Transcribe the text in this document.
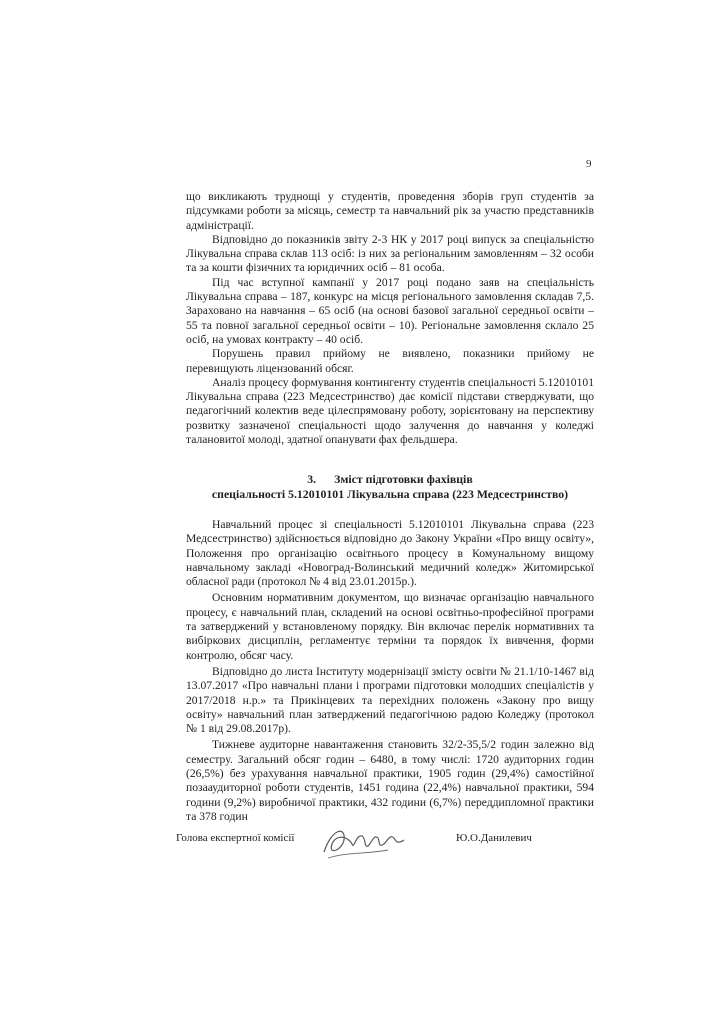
9

що викликають труднощі у студентів, проведення зборів груп студентів за підсумками роботи за місяць, семестр та навчальний рік за участю представників адміністрації.

Відповідно до показників звіту 2-3 НК у 2017 році випуск за спеціальністю Лікувальна справа склав 113 осіб: із них за регіональним замовленням – 32 особи та за кошти фізичних та юридичних осіб – 81 особа.

Під час вступної кампанії у 2017 році подано заяв на спеціальність Лікувальна справа – 187, конкурс на місця регіонального замовлення складав 7,5. Зараховано на навчання – 65 осіб (на основі базової загальної середньої освіти – 55 та повної загальної середньої освіти – 10). Регіональне замовлення склало 25 осіб, на умовах контракту – 40 осіб.

Порушень правил прийому не виявлено, показники прийому не перевищують ліцензований обсяг.

Аналіз процесу формування контингенту студентів спеціальності 5.12010101 Лікувальна справа (223 Медсестринство) дає комісії підстави стверджувати, що педагогічний колектив веде цілеспрямовану роботу, зорієнтовану на перспективу розвитку зазначеної спеціальності щодо залучення до навчання у коледжі талановитої молоді, здатної опанувати фах фельдшера.

3. Зміст підготовки фахівців
спеціальності 5.12010101 Лікувальна справа (223 Медсестринство)

Навчальний процес зі спеціальності 5.12010101 Лікувальна справа (223 Медсестринство) здійснюється відповідно до Закону України «Про вищу освіту», Положення про організацію освітнього процесу в Комунальному вищому навчальному закладі «Новоград-Волинський медичний коледж» Житомирської обласної ради (протокол № 4 від 23.01.2015р.).

Основним нормативним документом, що визначає організацію навчального процесу, є навчальний план, складений на основі освітньо-професійної програми та затверджений у встановленому порядку. Він включає перелік нормативних та вибіркових дисциплін, регламентує терміни та порядок їх вивчення, форми контролю, обсяг часу.

Відповідно до листа Інституту модернізації змісту освіти № 21.1/10-1467 від 13.07.2017 «Про навчальні плани і програми підготовки молодших спеціалістів у 2017/2018 н.р.» та Прикінцевих та перехідних положень «Закону про вищу освіту» навчальний план затверджений педагогічною радою Коледжу (протокол № 1 від 29.08.2017р).

Тижневе аудиторне навантаження становить 32/2-35,5/2 годин залежно від семестру. Загальний обсяг годин – 6480, в тому числі: 1720 аудиторних годин (26,5%) без урахування навчальної практики, 1905 годин (29,4%) самостійної позааудиторної роботи студентів, 1451 година (22,4%) навчальної практики, 594 години (9,2%) виробничої практики, 432 години (6,7%) переддипломної практики та 378 годин

Голова експертної комісії	Ю.О.Данилевич
